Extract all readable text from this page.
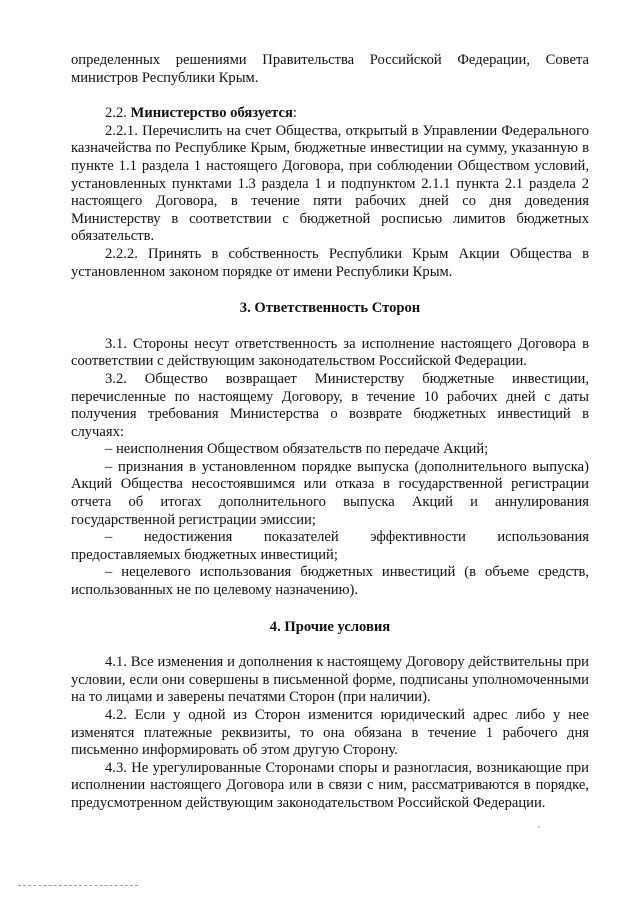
определенных решениями Правительства Российской Федерации, Совета министров Республики Крым.

2.2. Министерство обязуется:

2.2.1. Перечислить на счет Общества, открытый в Управлении Федерального казначейства по Республике Крым, бюджетные инвестиции на сумму, указанную в пункте 1.1 раздела 1 настоящего Договора, при соблюдении Обществом условий, установленных пунктами 1.3 раздела 1 и подпунктом 2.1.1 пункта 2.1 раздела 2 настоящего Договора, в течение пяти рабочих дней со дня доведения Министерству в соответствии с бюджетной росписью лимитов бюджетных обязательств.

2.2.2. Принять в собственность Республики Крым Акции Общества в установленном законом порядке от имени Республики Крым.

3. Ответственность Сторон

3.1. Стороны несут ответственность за исполнение настоящего Договора в соответствии с действующим законодательством Российской Федерации.

3.2. Общество возвращает Министерству бюджетные инвестиции, перечисленные по настоящему Договору, в течение 10 рабочих дней с даты получения требования Министерства о возврате бюджетных инвестиций в случаях:

– неисполнения Обществом обязательств по передаче Акций;

– признания в установленном порядке выпуска (дополнительного выпуска) Акций Общества несостоявшимся или отказа в государственной регистрации отчета об итогах дополнительного выпуска Акций и аннулирования государственной регистрации эмиссии;

– недостижения показателей эффективности использования предоставляемых бюджетных инвестиций;

– нецелевого использования бюджетных инвестиций (в объеме средств, использованных не по целевому назначению).

4. Прочие условия

4.1. Все изменения и дополнения к настоящему Договору действительны при условии, если они совершены в письменной форме, подписаны уполномоченными на то лицами и заверены печатями Сторон (при наличии).

4.2. Если у одной из Сторон изменится юридический адрес либо у нее изменятся платежные реквизиты, то она обязана в течение 1 рабочего дня письменно информировать об этом другую Сторону.

4.3. Не урегулированные Сторонами споры и разногласия, возникающие при исполнении настоящего Договора или в связи с ним, рассматриваются в порядке, предусмотренном действующим законодательством Российской Федерации.
